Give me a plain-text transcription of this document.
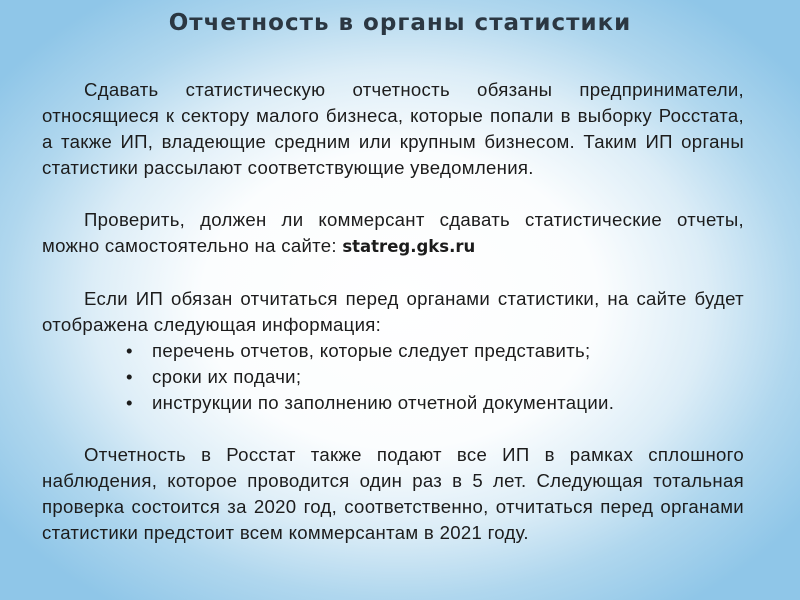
Отчетность в органы статистики

Сдавать статистическую отчетность обязаны предприниматели, относящиеся к сектору малого бизнеса, которые попали в выборку Росстата, а также ИП, владеющие средним или крупным бизнесом. Таким ИП органы статистики рассылают соответствующие уведомления.

Проверить, должен ли коммерсант сдавать статистические отчеты, можно самостоятельно на сайте: statreg.gks.ru

Если ИП обязан отчитаться перед органами статистики, на сайте будет отображена следующая информация:

• перечень отчетов, которые следует представить;
• сроки их подачи;
• инструкции по заполнению отчетной документации.

Отчетность в Росстат также подают все ИП в рамках сплошного наблюдения, которое проводится один раз в 5 лет. Следующая тотальная проверка состоится за 2020 год, соответственно, отчитаться перед органами статистики предстоит всем коммерсантам в 2021 году.
